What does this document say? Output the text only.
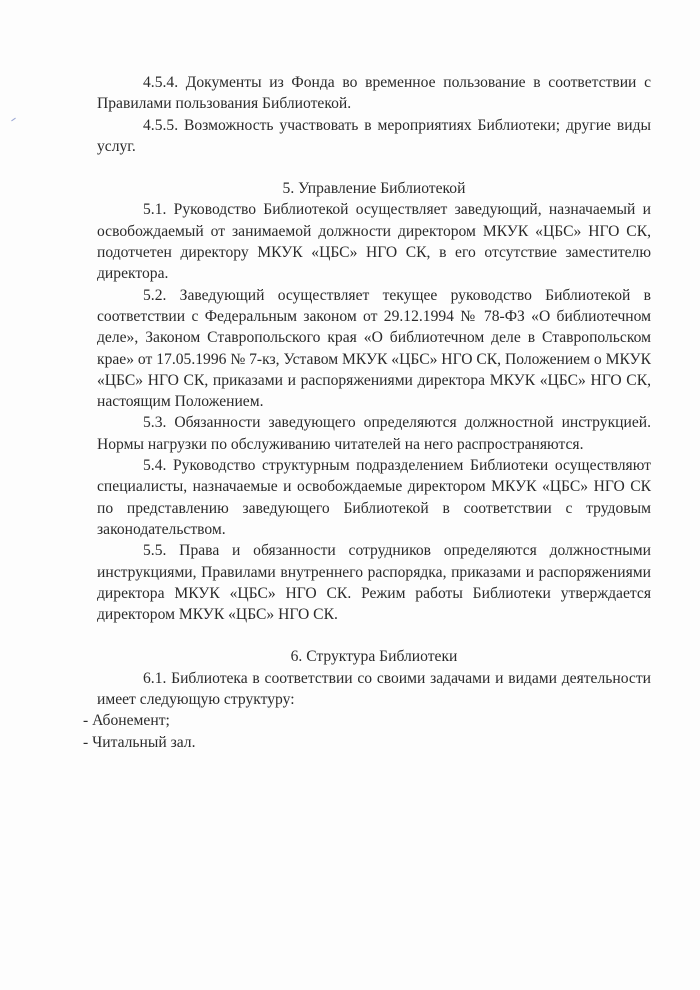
4.5.4. Документы из Фонда во временное пользование в соответствии с Правилами пользования Библиотекой.

4.5.5. Возможность участвовать в мероприятиях Библиотеки; другие виды услуг.

5. Управление Библиотекой

5.1. Руководство Библиотекой осуществляет заведующий, назначаемый и освобождаемый от занимаемой должности директором МКУК «ЦБС» НГО СК, подотчетен директору МКУК «ЦБС» НГО СК, в его отсутствие заместителю директора.

5.2. Заведующий осуществляет текущее руководство Библиотекой в соответствии с Федеральным законом от 29.12.1994 № 78-ФЗ «О библиотечном деле», Законом Ставропольского края «О библиотечном деле в Ставропольском крае» от 17.05.1996 № 7-кз, Уставом МКУК «ЦБС» НГО СК, Положением о МКУК «ЦБС» НГО СК, приказами и распоряжениями директора МКУК «ЦБС» НГО СК, настоящим Положением.

5.3. Обязанности заведующего определяются должностной инструкцией. Нормы нагрузки по обслуживанию читателей на него распространяются.

5.4. Руководство структурным подразделением Библиотеки осуществляют специалисты, назначаемые и освобождаемые директором МКУК «ЦБС» НГО СК по представлению заведующего Библиотекой в соответствии с трудовым законодательством.

5.5. Права и обязанности сотрудников определяются должностными инструкциями, Правилами внутреннего распорядка, приказами и распоряжениями директора МКУК «ЦБС» НГО СК. Режим работы Библиотеки утверждается директором МКУК «ЦБС» НГО СК.

6. Структура Библиотеки

6.1. Библиотека в соответствии со своими задачами и видами деятельности имеет следующую структуру:

- Абонемент;

- Читальный зал.
